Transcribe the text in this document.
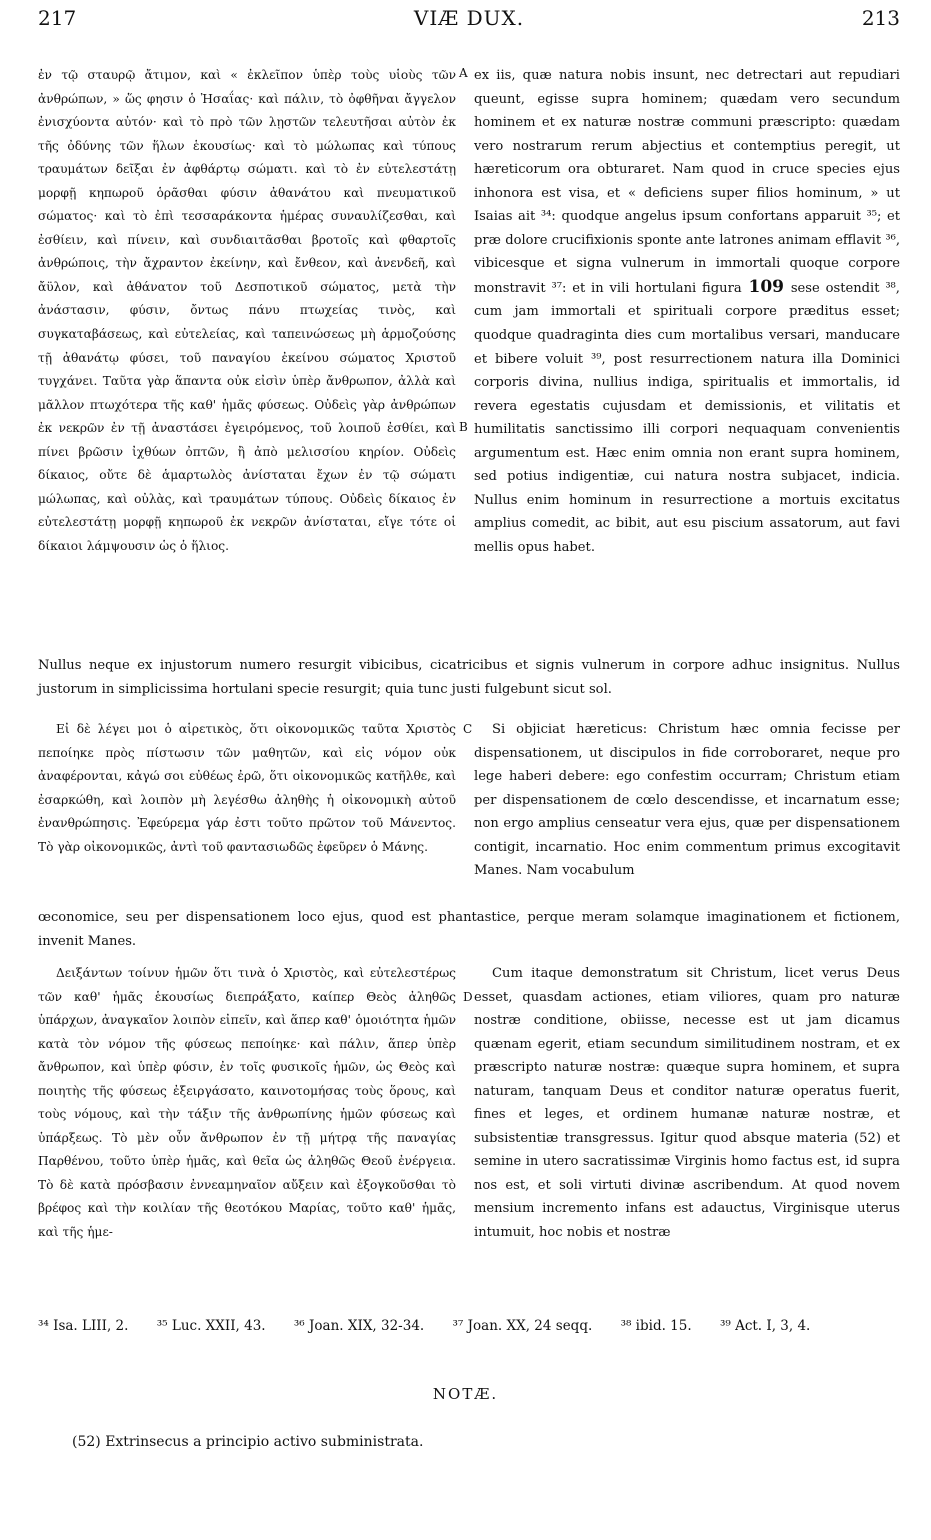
217	VIÆ DUX.	213
ἐν τῷ σταυρῷ ἄτιμον, καὶ « ἐκλεῖπον ὑπὲρ τοὺς υἱοὺς τῶν ἀνθρώπων, » ὥς φησιν ὁ Ἠσαΐας· καὶ πάλιν, τὸ ὀφθῆναι ἄγγελον ἐνισχύοντα αὐτόν· καὶ τὸ πρὸ τῶν λῃστῶν τελευτῆσαι αὐτὸν ἐκ τῆς ὀδύνης τῶν ἥλων ἑκουσίως· καὶ τὸ μώλωπας καὶ τύπους τραυμάτων δεῖξαι ἐν ἀφθάρτῳ σώματι. καὶ τὸ ἐν εὐτελεστάτῃ μορφῇ κηπωροῦ ὁρᾶσθαι φύσιν ἀθανάτου καὶ πνευματικοῦ σώματος· καὶ τὸ ἐπὶ τεσσαράκοντα ἡμέρας συναυλίζεσθαι, καὶ ἐσθίειν, καὶ πίνειν, καὶ συνδιαιτᾶσθαι βροτοῖς καὶ φθαρτοῖς ἀνθρώποις, τὴν ἄχραντον ἐκείνην, καὶ ἔνθεον, καὶ ἀνενδεῆ, καὶ ἄϋλον, καὶ ἀθάνατον τοῦ Δεσποτικοῦ σώματος, μετὰ τὴν ἀνάστασιν, φύσιν, ὄντως πάνυ πτωχείας τινὸς, καὶ συγκαταβάσεως, καὶ εὐτελείας, καὶ ταπεινώσεως μὴ ἁρμοζούσης τῇ ἀθανάτῳ φύσει, τοῦ παναγίου ἐκείνου σώματος Χριστοῦ τυγχάνει. Ταῦτα γὰρ ἅπαντα οὐκ εἰσὶν ὑπὲρ ἄνθρωπον, ἀλλὰ καὶ μᾶλλον πτωχότερα τῆς καθ' ἡμᾶς φύσεως. Οὐδεὶς γὰρ ἀνθρώπων ἐκ νεκρῶν ἐν τῇ ἀναστάσει ἐγειρόμενος, τοῦ λοιποῦ ἐσθίει, καὶ πίνει βρῶσιν ἰχθύων ὀπτῶν, ἢ ἀπὸ μελισσίου κηρίον. Οὐδεὶς δίκαιος, οὔτε δὲ ἁμαρτωλὸς ἀνίσταται ἔχων ἐν τῷ σώματι μώλωπας, καὶ οὐλὰς, καὶ τραυμάτων τύπους. Οὐδεὶς δίκαιος ἐν εὐτελεστάτῃ μορφῇ κηπωροῦ ἐκ νεκρῶν ἀνίσταται, εἴγε τότε οἱ δίκαιοι λάμψουσιν ὡς ὁ ἥλιος.
A
B
ex iis, quæ natura nobis insunt, nec detrectari aut repudiari queunt, egisse supra hominem; quædam vero secundum hominem et ex naturæ nostræ communi præscripto: quædam vero nostrarum rerum abjectius et contemptius peregit, ut hæreticorum ora obturaret. Nam quod in cruce species ejus inhonora est visa, et « deficiens super filios hominum, » ut Isaias ait ³⁴: quodque angelus ipsum confortans apparuit ³⁵; et præ dolore crucifixionis sponte ante latrones animam efflavit ³⁶, vibicesque et signa vulnerum in immortali quoque corpore monstravit ³⁷: et in vili hortulani figura 109 sese ostendit ³⁸, cum jam immortali et spirituali corpore præditus esset; quodque quadraginta dies cum mortalibus versari, manducare et bibere voluit ³⁹, post resurrectionem natura illa Dominici corporis divina, nullius indiga, spiritualis et immortalis, id revera egestatis cujusdam et demissionis, et vilitatis et humilitatis sanctissimo illi corpori nequaquam convenientis argumentum est. Hæc enim omnia non erant supra hominem, sed potius indigentiæ, cui natura nostra subjacet, indicia. Nullus enim hominum in resurrectione a mortuis excitatus amplius comedit, ac bibit, aut esu piscium assatorum, aut favi mellis opus habet.
Nullus neque ex injustorum numero resurgit vibicibus, cicatricibus et signis vulnerum in corpore adhuc insignitus. Nullus justorum in simplicissima hortulani specie resurgit; quia tunc justi fulgebunt sicut sol.
Εἰ δὲ λέγει μοι ὁ αἱρετικὸς, ὅτι οἰκονομικῶς ταῦτα Χριστὸς πεποίηκε πρὸς πίστωσιν τῶν μαθητῶν, καὶ εἰς νόμον οὐκ ἀναφέρονται, κἀγώ σοι εὐθέως ἐρῶ, ὅτι οἰκονομικῶς κατῆλθε, καὶ ἐσαρκώθη, καὶ λοιπὸν μὴ λεγέσθω ἀληθὴς ἡ οἰκονομικὴ αὐτοῦ ἐνανθρώπησις. Ἐφεύρεμα γάρ ἐστι τοῦτο πρῶτον τοῦ Μάνεντος. Τὸ γὰρ οἰκονομικῶς, ἀντὶ τοῦ φαντασιωδῶς ἐφεῦρεν ὁ Μάνης.
C	Si objiciat hæreticus: Christum hæc omnia fecisse per dispensationem, ut discipulos in fide corroboraret, neque pro lege haberi debere: ego confestim occurram; Christum etiam per dispensationem de cœlo descendisse, et incarnatum esse; non ergo amplius censeatur vera ejus, quæ per dispensationem contigit, incarnatio. Hoc enim commentum primus excogitavit Manes. Nam vocabulum
œconomice, seu per dispensationem loco ejus, quod est phantastice, perque meram solamque imaginationem et fictionem, invenit Manes.
Δειξάντων τοίνυν ἡμῶν ὅτι τινὰ ὁ Χριστὸς, καὶ εὐτελεστέρως τῶν καθ' ἡμᾶς ἑκουσίως διεπράξατο, καίπερ Θεὸς ἀληθῶς ὑπάρχων, ἀναγκαῖον λοιπὸν εἰπεῖν, καὶ ἅπερ καθ' ὁμοιότητα ἡμῶν κατὰ τὸν νόμον τῆς φύσεως πεποίηκε· καὶ πάλιν, ἅπερ ὑπὲρ ἄνθρωπον, καὶ ὑπὲρ φύσιν, ἐν τοῖς φυσικοῖς ἡμῶν, ὡς Θεὸς καὶ ποιητὴς τῆς φύσεως ἐξειργάσατο, καινοτομήσας τοὺς ὅρους, καὶ τοὺς νόμους, καὶ τὴν τάξιν τῆς ἀνθρωπίνης ἡμῶν φύσεως καὶ ὑπάρξεως. Τὸ μὲν οὖν ἄνθρωπον ἐν τῇ μήτρᾳ τῆς παναγίας Παρθένου, τοῦτο ὑπὲρ ἡμᾶς, καὶ θεῖα ὡς ἀληθῶς Θεοῦ ἐνέργεια. Τὸ δὲ κατὰ πρόσβασιν ἐννεαμηναῖον αὔξειν καὶ ἐξογκοῦσθαι τὸ βρέφος καὶ τὴν κοιλίαν τῆς θεοτόκου Μαρίας, τοῦτο καθ' ἡμᾶς, καὶ τῆς ἡμε-
D
Cum itaque demonstratum sit Christum, licet verus Deus esset, quasdam actiones, etiam viliores, quam pro naturæ nostræ conditione, obiisse, necesse est ut jam dicamus quænam egerit, etiam secundum similitudinem nostram, et ex præscripto naturæ nostræ: quæque supra hominem, et supra naturam, tanquam Deus et conditor naturæ operatus fuerit, fines et leges, et ordinem humanæ naturæ nostræ, et subsistentiæ transgressus. Igitur quod absque materia (52) et semine in utero sacratissimæ Virginis homo factus est, id supra nos est, et soli virtuti divinæ ascribendum. At quod novem mensium incremento infans est adauctus, Virginisque uterus intumuit, hoc nobis et nostræ
³⁴ Isa. LIII, 2. ³⁵ Luc. XXII, 43. ³⁶ Joan. XIX, 32-34. ³⁷ Joan. XX, 24 seqq. ³⁸ ibid. 15. ³⁹ Act. I, 3, 4.
NOTÆ.
(52) Extrinsecus a principio activo subministrata.
